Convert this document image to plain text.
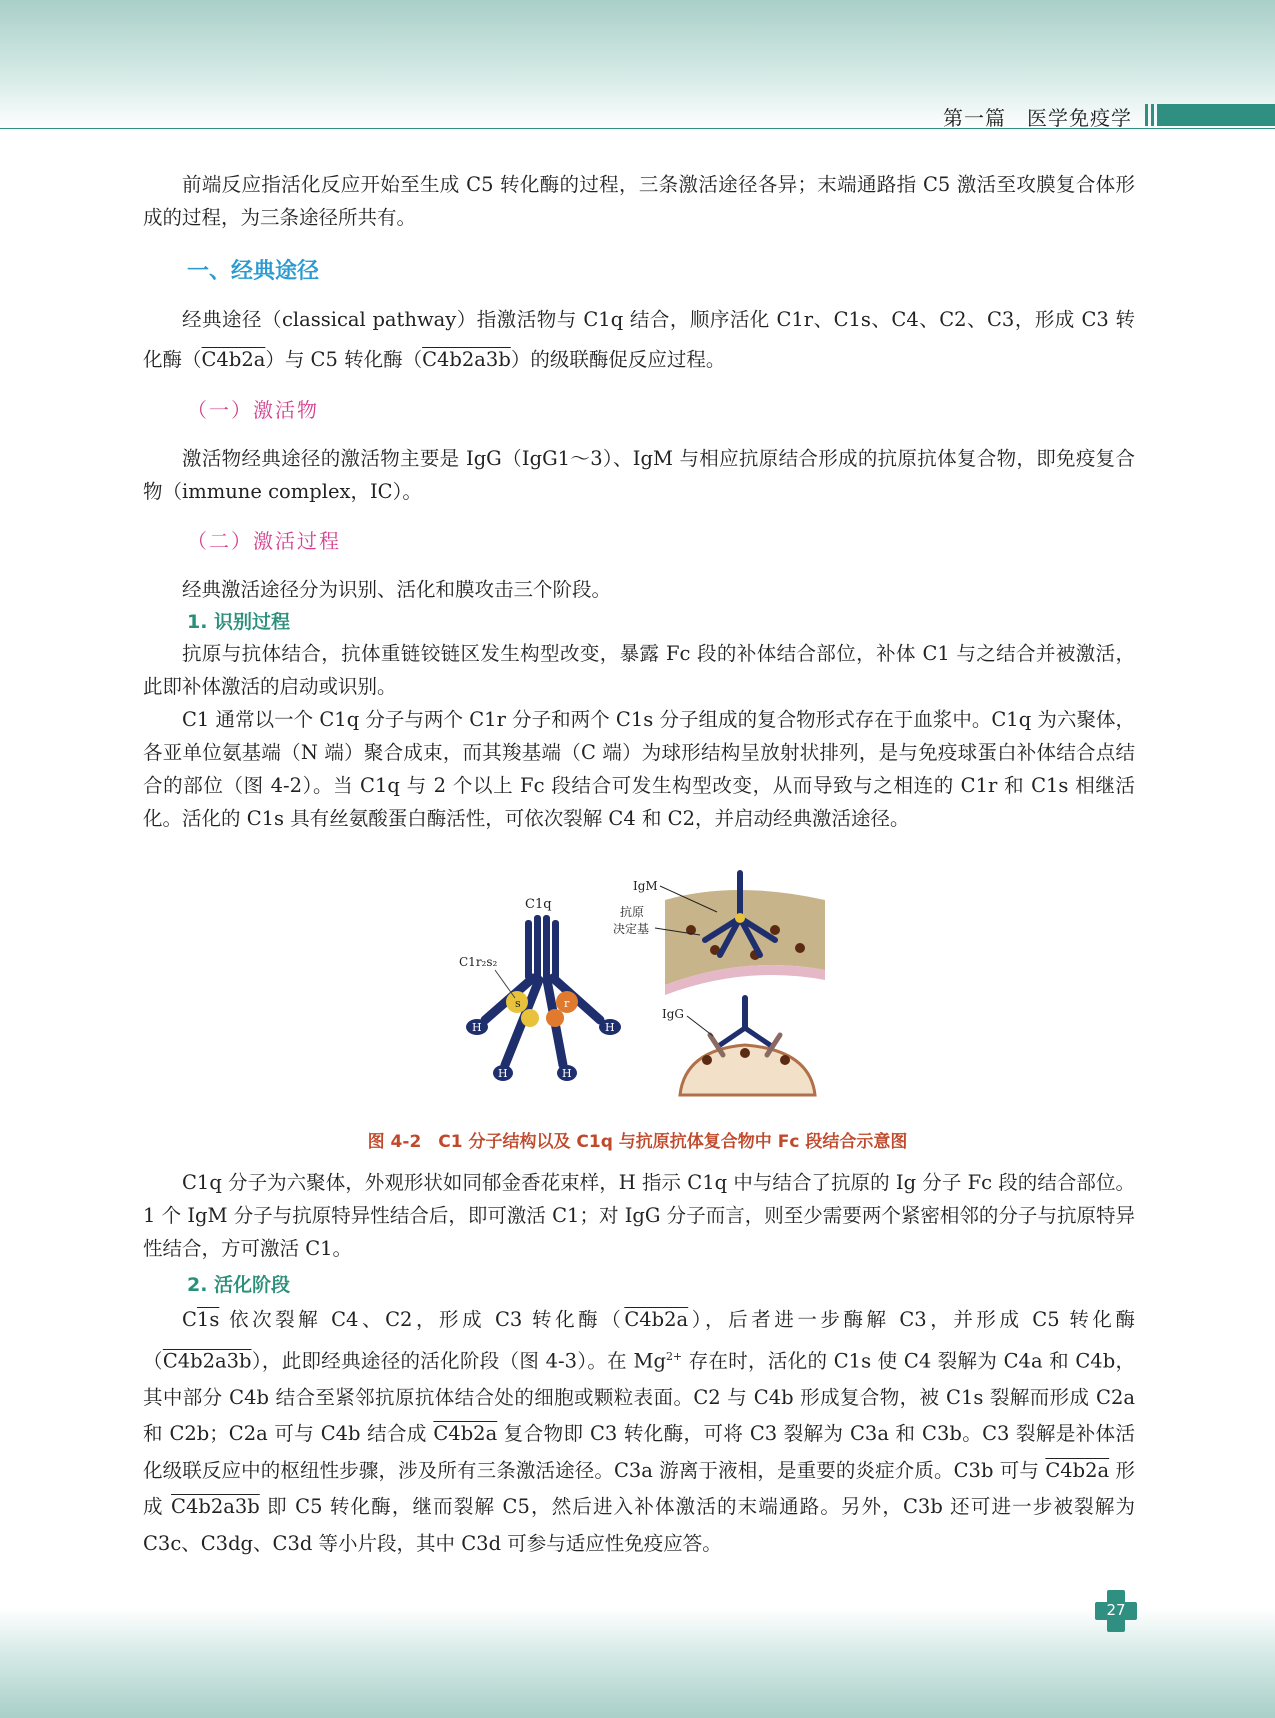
第一篇　医学免疫学

前端反应指活化反应开始至生成 C5 转化酶的过程，三条激活途径各异；末端通路指 C5 激活至攻膜复合体形成的过程，为三条途径所共有。

一、经典途径

经典途径（classical pathway）指激活物与 C1q 结合，顺序活化 C1r、C1s、C4、C2、C3，形成 C3 转化酶（C4b2a）与 C5 转化酶（C4b2a3b）的级联酶促反应过程。

（一）激活物

激活物经典途径的激活物主要是 IgG（IgG1～3）、IgM 与相应抗原结合形成的抗原抗体复合物，即免疫复合物（immune complex，IC）。

（二）激活过程

经典激活途径分为识别、活化和膜攻击三个阶段。

1. 识别过程

抗原与抗体结合，抗体重链铰链区发生构型改变，暴露 Fc 段的补体结合部位，补体 C1 与之结合并被激活，此即补体激活的启动或识别。

C1 通常以一个 C1q 分子与两个 C1r 分子和两个 C1s 分子组成的复合物形式存在于血浆中。C1q 为六聚体，各亚单位氨基端（N 端）聚合成束，而其羧基端（C 端）为球形结构呈放射状排列，是与免疫球蛋白补体结合点结合的部位（图 4-2）。当 C1q 与 2 个以上 Fc 段结合可发生构型改变，从而导致与之相连的 C1r 和 C1s 相继活化。活化的 C1s 具有丝氨酸蛋白酶活性，可依次裂解 C4 和 C2，并启动经典激活途径。

s	r
H	H
H	H
C1q
C1r₂s₂
IgM
抗原
决定基
IgG
图 4-2　C1 分子结构以及 C1q 与抗原抗体复合物中 Fc 段结合示意图

C1q 分子为六聚体，外观形状如同郁金香花束样，H 指示 C1q 中与结合了抗原的 Ig 分子 Fc 段的结合部位。1 个 IgM 分子与抗原特异性结合后，即可激活 C1；对 IgG 分子而言，则至少需要两个紧密相邻的分子与抗原特异性结合，方可激活 C1。

2. 活化阶段

C1s 依次裂解 C4、C2，形成 C3 转化酶（C4b2a），后者进一步酶解 C3，并形成 C5 转化酶（C4b2a3b），此即经典途径的活化阶段（图 4-3）。在 $Mg^{2+}$ 存在时，活化的 C1s 使 C4 裂解为 C4a 和 C4b，其中部分 C4b 结合至紧邻抗原抗体结合处的细胞或颗粒表面。C2 与 C4b 形成复合物，被 C1s 裂解而形成 C2a 和 C2b；C2a 可与 C4b 结合成 C4b2a 复合物即 C3 转化酶，可将 C3 裂解为 C3a 和 C3b。C3 裂解是补体活化级联反应中的枢纽性步骤，涉及所有三条激活途径。C3a 游离于液相，是重要的炎症介质。C3b 可与 C4b2a 形成 C4b2a3b 即 C5 转化酶，继而裂解 C5，然后进入补体激活的末端通路。另外，C3b 还可进一步被裂解为 C3c、C3dg、C3d 等小片段，其中 C3d 可参与适应性免疫应答。

27
